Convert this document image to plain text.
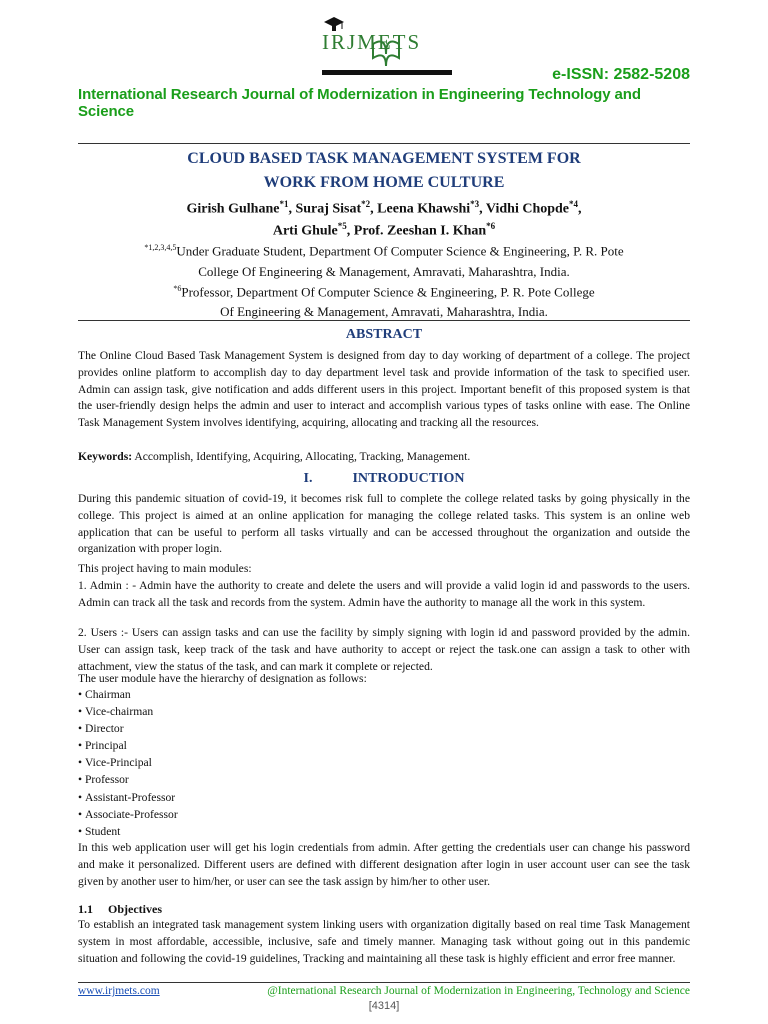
IRJMETS
e-ISSN: 2582-5208
International Research Journal of Modernization in Engineering Technology and Science
CLOUD BASED TASK MANAGEMENT SYSTEM FOR
WORK FROM HOME CULTURE
Girish Gulhane$^{*1}$, Suraj Sisat$^{*2}$, Leena Khawshi$^{*3}$, Vidhi Chopde$^{*4}$,
Arti Ghule$^{*5}$, Prof. Zeeshan I. Khan$^{*6}$
$^{*1,2,3,4,5}$Under Graduate Student, Department Of Computer Science & Engineering, P. R. Pote
College Of Engineering & Management, Amravati, Maharashtra, India.
$^{*6}$Professor, Department Of Computer Science & Engineering, P. R. Pote College
Of Engineering & Management, Amravati, Maharashtra, India.
ABSTRACT
The Online Cloud Based Task Management System is designed from day to day working of department of a college. The project provides online platform to accomplish day to day department level task and provide information of the task to specified user. Admin can assign task, give notification and adds different users in this project. Important benefit of this proposed system is that the user-friendly design helps the admin and user to interact and accomplish various types of tasks online with ease. The Online Task Management System involves identifying, acquiring, allocating and tracking all the resources.
Keywords: Accomplish, Identifying, Acquiring, Allocating, Tracking, Management.
I.	INTRODUCTION
During this pandemic situation of covid-19, it becomes risk full to complete the college related tasks by going physically in the college. This project is aimed at an online application for managing the college related tasks. This system is an online web application that can be useful to perform all tasks virtually and can be accessed throughout the organization and outside the organization with proper login.
This project having to main modules:
1. Admin : - Admin have the authority to create and delete the users and will provide a valid login id and passwords to the users. Admin can track all the task and records from the system. Admin have the authority to manage all the work in this system.
2. Users :- Users can assign tasks and can use the facility by simply signing with login id and password provided by the admin. User can assign task, keep track of the task and have authority to accept or reject the task.one can assign a task to other with attachment, view the status of the task, and can mark it complete or rejected.
The user module have the hierarchy of designation as follows:
• Chairman
• Vice-chairman
• Director
• Principal
• Vice-Principal
• Professor
• Assistant-Professor
• Associate-Professor
• Student
In this web application user will get his login credentials from admin. After getting the credentials user can change his password and make it personalized. Different users are defined with different designation after login in user account user can see the task given by another user to him/her, or user can see the task assign by him/her to other user.
1.1 Objectives
To establish an integrated task management system linking users with organization digitally based on real time Task Management system in most affordable, accessible, inclusive, safe and timely manner. Managing task without going out in this pandemic situation and following the covid-19 guidelines, Tracking and maintaining all these task is highly efficient and error free manner.
www.irjmets.com	@International Research Journal of Modernization in Engineering, Technology and Science
[4314]
